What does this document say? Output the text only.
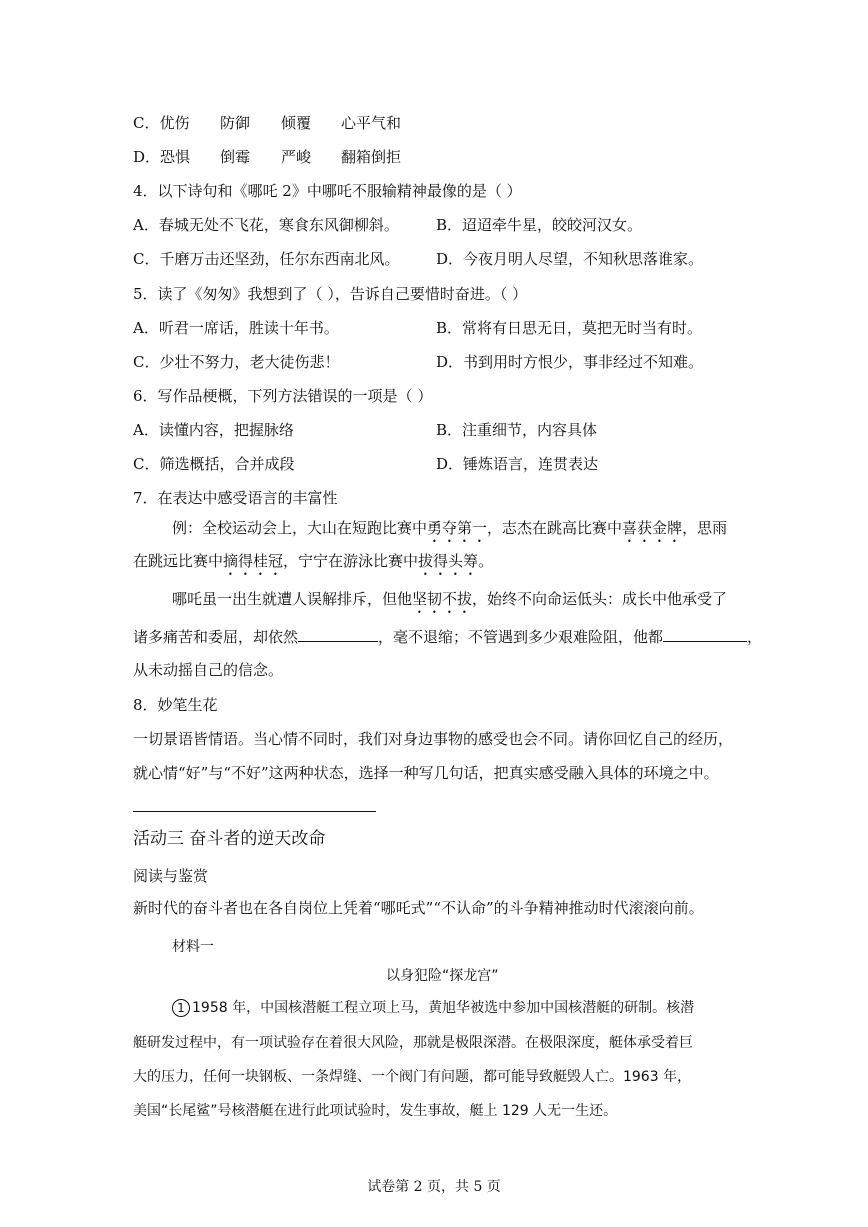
C．优伤 防御 倾覆 心平气和
D．恐惧 倒霉 严峻 翻箱倒拒
4．以下诗句和《哪吒 2》中哪吒不服输精神最像的是（ ）
A．春城无处不飞花，寒食东风御柳斜。 B．迢迢牵牛星，皎皎河汉女。
C．千磨万击还坚劲，任尔东西南北风。 D．今夜月明人尽望，不知秋思落谁家。
5．读了《匆匆》我想到了（ ），告诉自己要惜时奋进。（ ）
A．听君一席话，胜读十年书。	B．常将有日思无日，莫把无时当有时。
C．少壮不努力，老大徒伤悲！	D．书到用时方恨少，事非经过不知难。
6．写作品梗概，下列方法错误的一项是（ ）
A．读懂内容，把握脉络	B．注重细节，内容具体
C．筛选概括，合并成段	D．锤炼语言，连贯表达
7．在表达中感受语言的丰富性
例：全校运动会上，大山在短跑比赛中勇夺第一，志杰在跳高比赛中喜获金牌，思雨
在跳远比赛中摘得桂冠，宁宁在游泳比赛中拔得头筹。
哪吒虽一出生就遭人误解排斥，但他坚韧不拔，始终不向命运低头：成长中他承受了
诸多痛苦和委屈，却依然	，毫不退缩；不管遇到多少艰难险阻，他都	，
从未动摇自己的信念。
8．妙笔生花
一切景语皆情语。当心情不同时，我们对身边事物的感受也会不同。请你回忆自己的经历，
就心情“好”与“不好”这两种状态，选择一种写几句话，把真实感受融入具体的环境之中。
活动三 奋斗者的逆天改命
阅读与鉴赏
新时代的奋斗者也在各自岗位上凭着“哪吒式”“不认命”的斗争精神推动时代滚滚向前。
材料一
以身犯险“探龙宫”
1 1958 年，中国核潜艇工程立项上马，黄旭华被选中参加中国核潜艇的研制。核潜
艇研发过程中，有一项试验存在着很大风险，那就是极限深潜。在极限深度，艇体承受着巨
大的压力，任何一块钢板、一条焊缝、一个阀门有问题，都可能导致艇毁人亡。1963 年，
美国“长尾鲨”号核潜艇在进行此项试验时，发生事故，艇上 129 人无一生还。
试卷第 2 页，共 5 页
